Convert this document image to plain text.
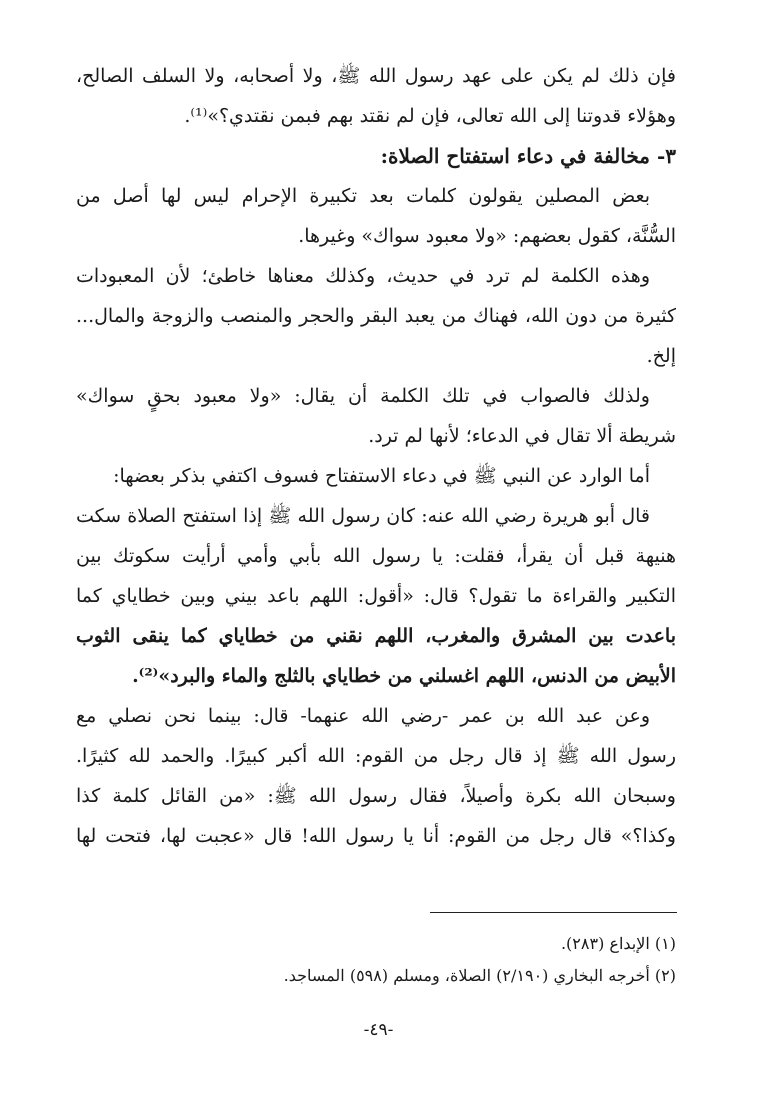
فإن ذلك لم يكن على عهد رسول الله ﷺ، ولا أصحابه، ولا السلف الصالح،
وهؤلاء قدوتنا إلى الله تعالى، فإن لم نقتد بهم فبمن نقتدي؟»⁽¹⁾.
٣- مخالفة في دعاء استفتاح الصلاة:
بعض المصلين يقولون كلمات بعد تكبيرة الإحرام ليس لها أصل من
السُّنَّة، كقول بعضهم: «ولا معبود سواك» وغيرها.
وهذه الكلمة لم ترد في حديث، وكذلك معناها خاطئ؛ لأن المعبودات
كثيرة من دون الله، فهناك من يعبد البقر والحجر والمنصب والزوجة والمال...
إلخ.
ولذلك فالصواب في تلك الكلمة أن يقال: «ولا معبود بحقٍ سواك»
شريطة ألا تقال في الدعاء؛ لأنها لم ترد.
أما الوارد عن النبي ﷺ في دعاء الاستفتاح فسوف اكتفي بذكر بعضها:
قال أبو هريرة رضي الله عنه: كان رسول الله ﷺ إذا استفتح الصلاة سكت
هنيهة قبل أن يقرأ، فقلت: يا رسول الله بأبي وأمي أرأيت سكوتك بين
التكبير والقراءة ما تقول؟ قال: «أقول: اللهم باعد بيني وبين خطاياي كما
باعدت بين المشرق والمغرب، اللهم نقني من خطاياي كما ينقى الثوب
الأبيض من الدنس، اللهم اغسلني من خطاياي بالثلج والماء والبرد»⁽²⁾.
وعن عبد الله بن عمر -رضي الله عنهما- قال: بينما نحن نصلي مع
رسول الله ﷺ إذ قال رجل من القوم: الله أكبر كبيرًا. والحمد لله كثيرًا.
وسبحان الله بكرة وأصيلاً، فقال رسول الله ﷺ: «من القائل كلمة كذا
وكذا؟» قال رجل من القوم: أنا يا رسول الله! قال «عجبت لها، فتحت لها
(١) الإبداع (٢٨٣).
(٢) أخرجه البخاري (٢/١٩٠) الصلاة، ومسلم (٥٩٨) المساجد.
-٤٩-
